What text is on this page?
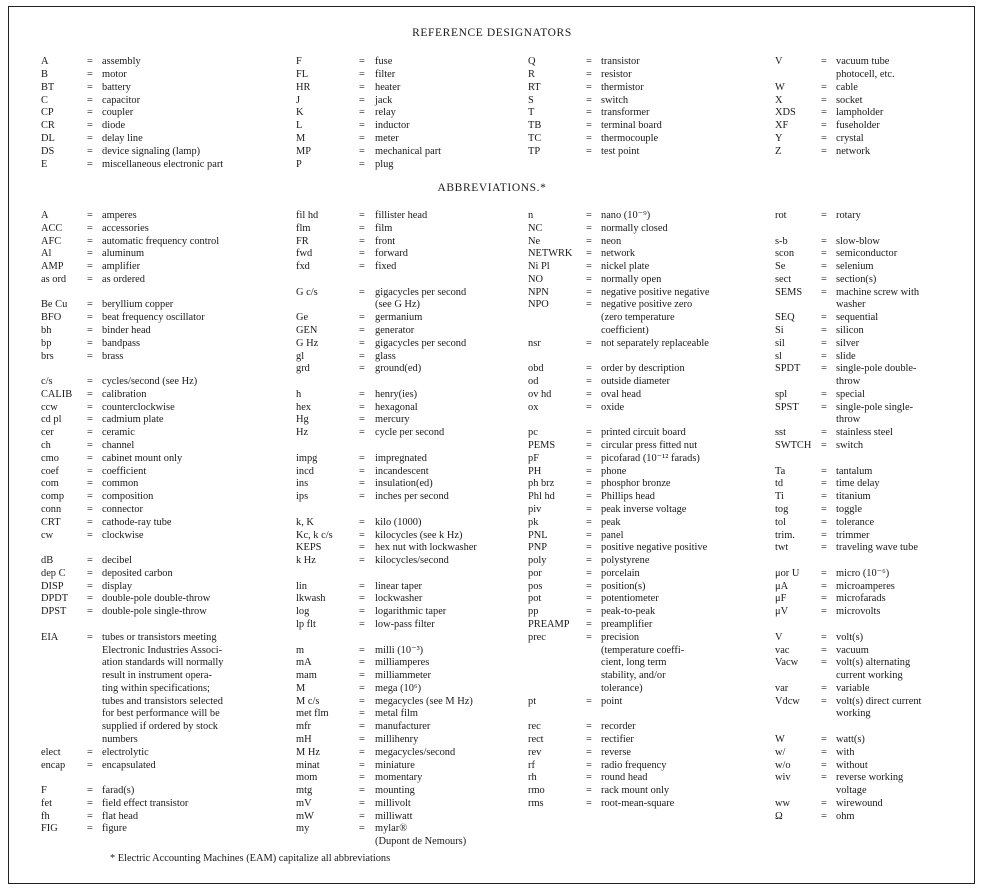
REFERENCE DESIGNATORS
ABBREVIATIONS.*
A	= assembly
B	= motor
BT	= battery
C	= capacitor
CP	= coupler
CR	= diode
DL	= delay line
DS	= device signaling (lamp)
E	= miscellaneous electronic part
F	= fuse
FL	= filter
HR	= heater
J	= jack
K	= relay
L	= inductor
M	= meter
MP	= mechanical part
P	= plug
Q	= transistor
R	= resistor
RT	= thermistor
S	= switch
T	= transformer
TB	= terminal board
TC	= thermocouple
TP	= test point
V	= vacuum tube
photocell, etc.
W	= cable
X	= socket
XDS = lampholder
XF	= fuseholder
Y	= crystal
Z	= network
A	= amperes
ACC = accessories
AFC = automatic frequency control
Al	= aluminum
AMP = amplifier
as ord = as ordered
Be Cu = beryllium copper
BFO = beat frequency oscillator
bh	= binder head
bp	= bandpass
brs	= brass
c/s	= cycles/second (see Hz)
CALIB = calibration
ccw	= counterclockwise
cd pl = cadmium plate
cer	= ceramic
ch	= channel
cmo	= cabinet mount only
coef	= coefficient
com	= common
comp = composition
conn = connector
CRT	= cathode-ray tube
cw	= clockwise
dB	= decibel
dep C = deposited carbon
DISP = display
DPDT = double-pole double-throw
DPST = double-pole single-throw
EIA	= tubes or transistors meeting
Electronic Industries Associ-
ation standards will normally
result in instrument opera-
ting within specifications;
tubes and transistors selected
for best performance will be
supplied if ordered by stock
numbers
elect	= electrolytic
encap = encapsulated
F	= farad(s)
fet	= field effect transistor
fh	= flat head
FIG	= figure
fil hd	= fillister head
flm	= film
FR	= front
fwd	= forward
fxd	= fixed
G c/s	= gigacycles per second
(see G Hz)
Ge	= germanium
GEN	= generator
G Hz	= gigacycles per second
gl	= glass
grd	= ground(ed)
h	= henry(ies)
hex	= hexagonal
Hg	= mercury
Hz	= cycle per second
impg	= impregnated
incd	= incandescent
ins	= insulation(ed)
ips	= inches per second
k, K	= kilo (1000)
Kc, k c/s	= kilocycles (see k Hz)
KEPS	= hex nut with lockwasher
k Hz	= kilocycles/second
lin	= linear taper
lkwash	= lockwasher
log	= logarithmic taper
lp flt	= low-pass filter
m	= milli (10⁻³)
mA	= milliamperes
mam	= milliammeter
M	= mega (10⁶)
M c/s	= megacycles (see M Hz)
met flm	= metal film
mfr	= manufacturer
mH	= millihenry
M Hz	= megacycles/second
minat	= miniature
mom	= momentary
mtg	= mounting
mV	= millivolt
mW	= milliwatt
my	= mylar®
(Dupont de Nemours)
n	= nano (10⁻⁹)
NC	= normally closed
Ne	= neon
NETWRK = network
Ni Pl	= nickel plate
NO	= normally open
NPN	= negative positive negative
NPO	= negative positive zero
(zero temperature
coefficient)
nsr	= not separately replaceable
obd	= order by description
od	= outside diameter
ov hd	= oval head
ox	= oxide
pc	= printed circuit board
PEMS	= circular press fitted nut
pF	= picofarad (10⁻¹² farads)
PH	= phone
ph brz	= phosphor bronze
Phl hd	= Phillips head
piv	= peak inverse voltage
pk	= peak
PNL	= panel
PNP	= positive negative positive
poly	= polystyrene
por	= porcelain
pos	= position(s)
pot	= potentiometer
pp	= peak-to-peak
PREAMP = preamplifier
prec	= precision
(temperature coeffi-
cient, long term
stability, and/or
tolerance)
pt	= point
rec	= recorder
rect	= rectifier
rev	= reverse
rf	= radio frequency
rh	= round head
rmo	= rack mount only
rms	= root-mean-square
rot	= rotary
s-b	= slow-blow
scon	= semiconductor
Se	= selenium
sect	= section(s)
SEMS = machine screw with
washer
SEQ	= sequential
Si	= silicon
sil	= silver
sl	= slide
SPDT = single-pole double-
throw
spl	= special
SPST = single-pole single-
throw
sst	= stainless steel
SWTCH = switch
Ta	= tantalum
td	= time delay
Ti	= titanium
tog	= toggle
tol	= tolerance
trim.	= trimmer
twt	= traveling wave tube
μor U = micro (10⁻⁶)
μA	= microamperes
μF	= microfarads
μV	= microvolts
V	= volt(s)
vac	= vacuum
Vacw = volt(s) alternating
current working
var	= variable
Vdcw = volt(s) direct current
working
W	= watt(s)
w/	= with
w/o	= without
wiv	= reverse working
voltage
ww	= wirewound
Ω	= ohm
* Electric Accounting Machines (EAM) capitalize all abbreviations
